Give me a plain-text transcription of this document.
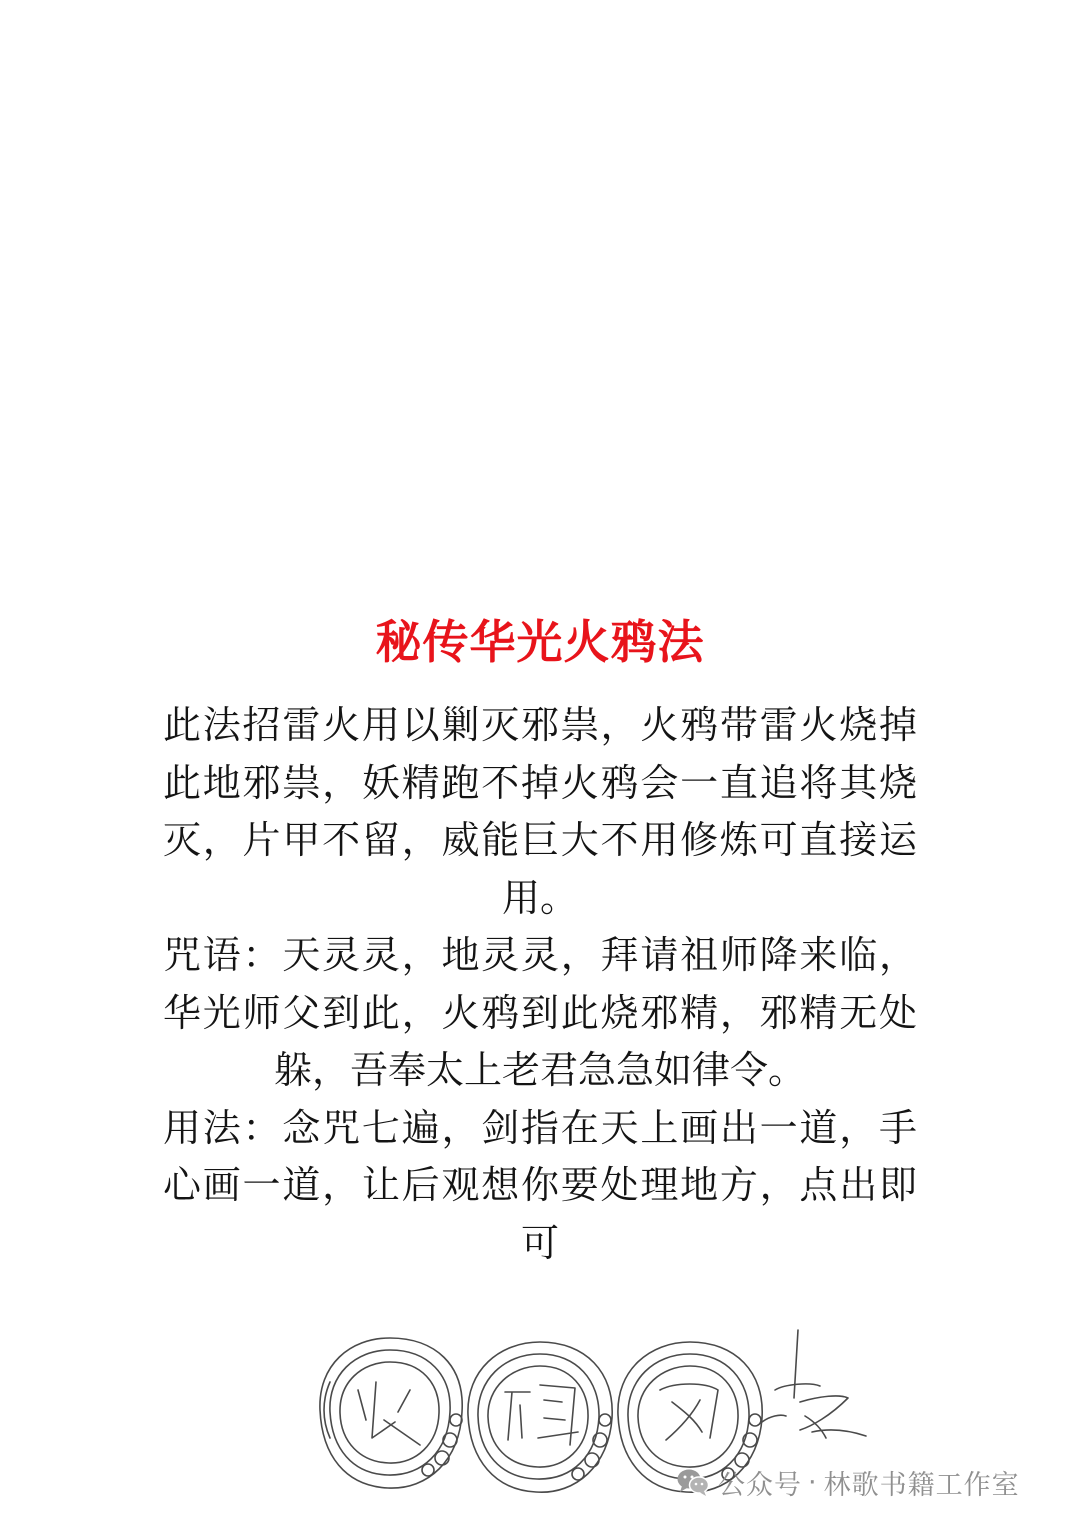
秘传华光火鸦法

此法招雷火用以剿灭邪祟，火鸦带雷火烧掉此地邪祟，妖精跑不掉火鸦会一直追将其烧灭，片甲不留，威能巨大不用修炼可直接运用。

咒语：天灵灵，地灵灵，拜请祖师降来临，华光师父到此，火鸦到此烧邪精，邪精无处躲，吾奉太上老君急急如律令。

用法：念咒七遍，剑指在天上画出一道，手心画一道，让后观想你要处理地方，点出即可

公众号 · 林歌书籍工作室
